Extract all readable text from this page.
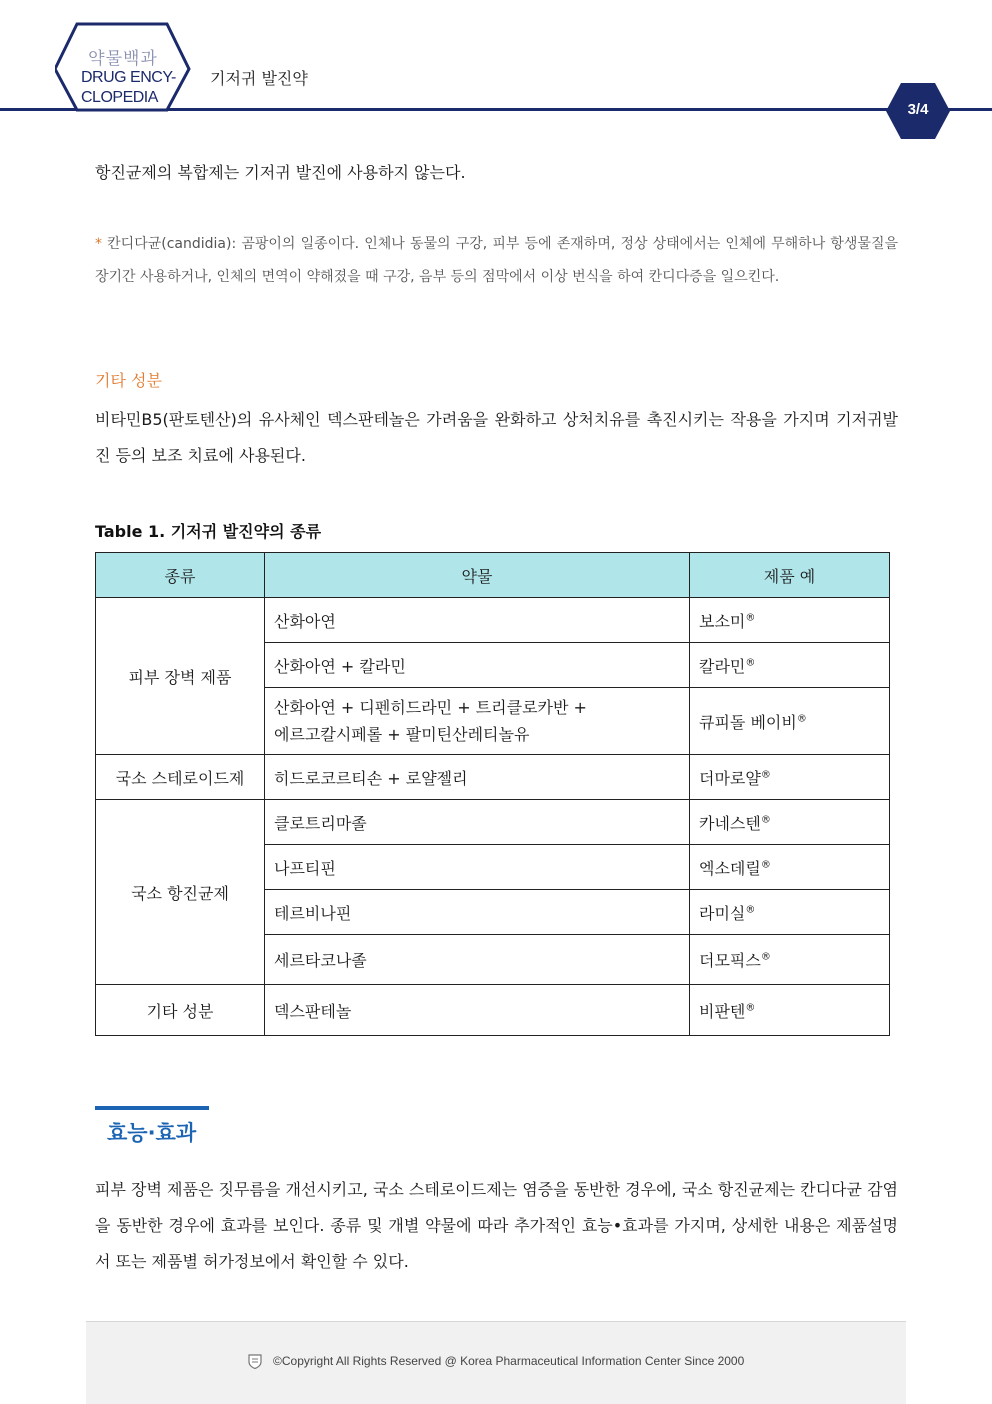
약물백과
DRUG ENCY-
CLOPEDIA
기저귀 발진약
3/4
항진균제의 복합제는 기저귀 발진에 사용하지 않는다.
* 칸디다균(candidia): 곰팡이의 일종이다. 인체나 동물의 구강, 피부 등에 존재하며, 정상 상태에서는 인체에 무해하나 항생물질을 장기간 사용하거나, 인체의 면역이 약해졌을 때 구강, 음부 등의 점막에서 이상 번식을 하여 칸디다증을 일으킨다.
기타 성분
비타민B5(판토텐산)의 유사체인 덱스판테놀은 가려움을 완화하고 상처치유를 촉진시키는 작용을 가지며 기저귀발진 등의 보조 치료에 사용된다.
Table 1. 기저귀 발진약의 종류
종류	약물	제품 예
피부 장벽 제품	산화아연	보소미®
	산화아연 + 칼라민	칼라민®

	산화아연 + 디펜히드라민 + 트리클로카반 +
에르고칼시페롤 + 팔미틴산레티놀유	큐피돌 베이비®
국소 스테로이드제	히드로코르티손 + 로얄젤리	더마로얄®
국소 항진균제	클로트리마졸	카네스텐®
	나프티핀	엑소데릴®
	테르비나핀	라미실®
	세르타코나졸	더모픽스®
기타 성분	덱스판테놀	비판텐®
효능·효과
피부 장벽 제품은 짓무름을 개선시키고, 국소 스테로이드제는 염증을 동반한 경우에, 국소 항진균제는 칸디다균 감염을 동반한 경우에 효과를 보인다. 종류 및 개별 약물에 따라 추가적인 효능•효과를 가지며, 상세한 내용은 제품설명서 또는 제품별 허가정보에서 확인할 수 있다.
©Copyright All Rights Reserved @ Korea Pharmaceutical Information Center Since 2000
